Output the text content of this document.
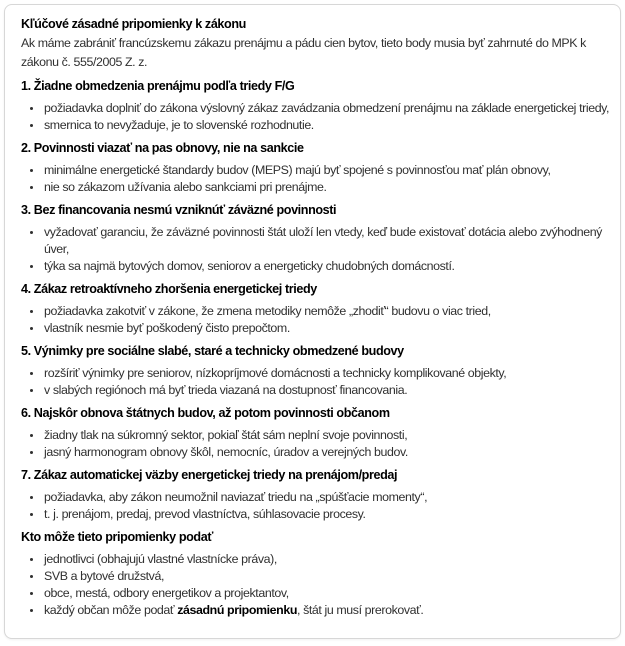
Kľúčové zásadné pripomienky k zákonu

Ak máme zabrániť francúzskemu zákazu prenájmu a pádu cien bytov, tieto body musia byť zahrnuté do MPK k zákonu č. 555/2005 Z. z.

1. Žiadne obmedzenia prenájmu podľa triedy F/G

• požiadavka doplniť do zákona výslovný zákaz zavádzania obmedzení prenájmu na základe energetickej triedy,
• smernica to nevyžaduje, je to slovenské rozhodnutie.

2. Povinnosti viazať na pas obnovy, nie na sankcie

• minimálne energetické štandardy budov (MEPS) majú byť spojené s povinnosťou mať plán obnovy,
• nie so zákazom užívania alebo sankciami pri prenájme.

3. Bez financovania nesmú vzniknúť záväzné povinnosti

• vyžadovať garanciu, že záväzné povinnosti štát uloží len vtedy, keď bude existovať dotácia alebo zvýhodnený úver,
• týka sa najmä bytových domov, seniorov a energeticky chudobných domácností.

4. Zákaz retroaktívneho zhoršenia energetickej triedy

• požiadavka zakotviť v zákone, že zmena metodiky nemôže „zhodiť“ budovu o viac tried,
• vlastník nesmie byť poškodený čisto prepočtom.

5. Výnimky pre sociálne slabé, staré a technicky obmedzené budovy

• rozšíriť výnimky pre seniorov, nízkopríjmové domácnosti a technicky komplikované objekty,
• v slabých regiónoch má byť trieda viazaná na dostupnosť financovania.

6. Najskôr obnova štátnych budov, až potom povinnosti občanom

• žiadny tlak na súkromný sektor, pokiaľ štát sám neplní svoje povinnosti,
• jasný harmonogram obnovy škôl, nemocníc, úradov a verejných budov.

7. Zákaz automatickej väzby energetickej triedy na prenájom/predaj

• požiadavka, aby zákon neumožnil naviazať triedu na „spúšťacie momenty“,
• t. j. prenájom, predaj, prevod vlastníctva, súhlasovacie procesy.

Kto môže tieto pripomienky podať

• jednotlivci (obhajujú vlastné vlastnícke práva),
• SVB a bytové družstvá,
• obce, mestá, odbory energetikov a projektantov,
• každý občan môže podať zásadnú pripomienku, štát ju musí prerokovať.
